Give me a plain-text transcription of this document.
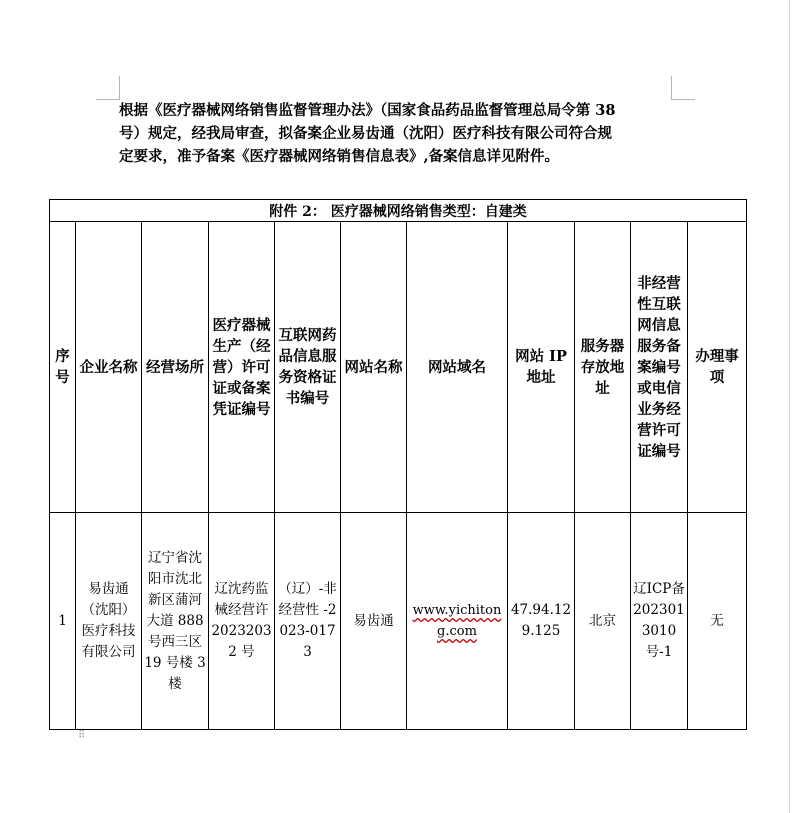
根据《医疗器械网络销售监督管理办法》（国家食品药品监督管理总局令第 38
号）规定，经我局审查，拟备案企业易齿通（沈阳）医疗科技有限公司符合规
定要求，准予备案《医疗器械网络销售信息表》,备案信息详见附件。
附件 2： 医疗器械网络销售类型：自建类										

序号	企业名称	经营场所	医疗器械生产（经营）许可证或备案凭证编号	互联网药品信息服务资格证书编号	网站名称	网站域名	网站 IP 地址	服务器存放地址	非经营性互联网信息服务备案编号或电信业务经营许可证编号	办理事项

1	易齿通（沈阳）医疗科技有限公司	辽宁省沈阳市沈北新区蒲河大道 888 号西三区 19 号楼 3 楼	辽沈药监械经营许 20232032 号	（辽）-非经营性 -2023-0173	易齿通	www.yichitong.com	47.94.129.125	北京	辽ICP备2023013010号-1	无
⠿
